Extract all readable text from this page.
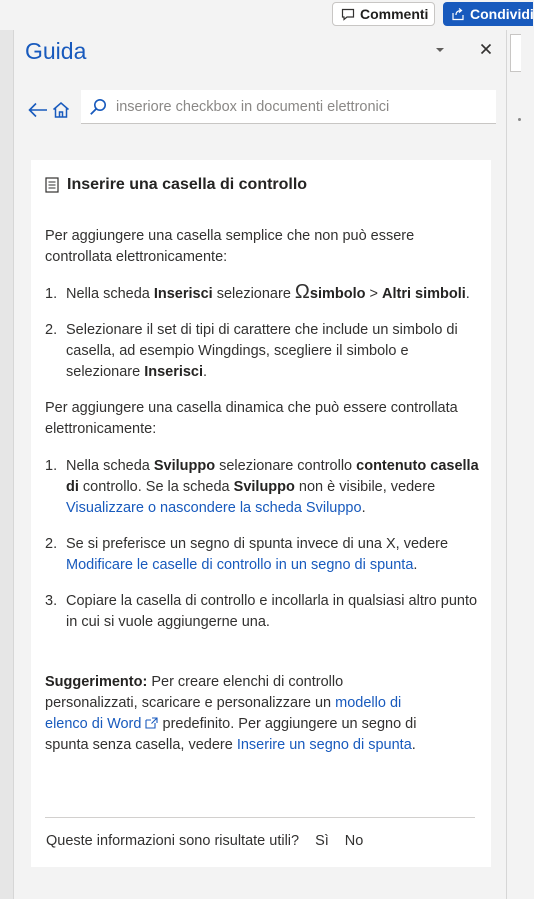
Commenti	Condividi
Guida
inseriore checkbox in documenti elettronici
Inserire una casella di controllo
Per aggiungere una casella semplice che non può essere controllata elettronicamente:
1. Nella scheda Inserisci selezionare Ωsimbolo > Altri simboli.
2. Selezionare il set di tipi di carattere che include un simbolo di casella, ad esempio Wingdings, scegliere il simbolo e selezionare Inserisci.
Per aggiungere una casella dinamica che può essere controllata elettronicamente:
1. Nella scheda Sviluppo selezionare controllo contenuto casella di controllo. Se la scheda Sviluppo non è visibile, vedere Visualizzare o nascondere la scheda Sviluppo.
2. Se si preferisce un segno di spunta invece di una X, vedere Modificare le caselle di controllo in un segno di spunta.
3. Copiare la casella di controllo e incollarla in qualsiasi altro punto in cui si vuole aggiungerne una.
Suggerimento: Per creare elenchi di controllo personalizzati, scaricare e personalizzare un modello di elenco di Word  predefinito. Per aggiungere un segno di spunta senza casella, vedere Inserire un segno di spunta.
Queste informazioni sono risultate utili? Sì No
